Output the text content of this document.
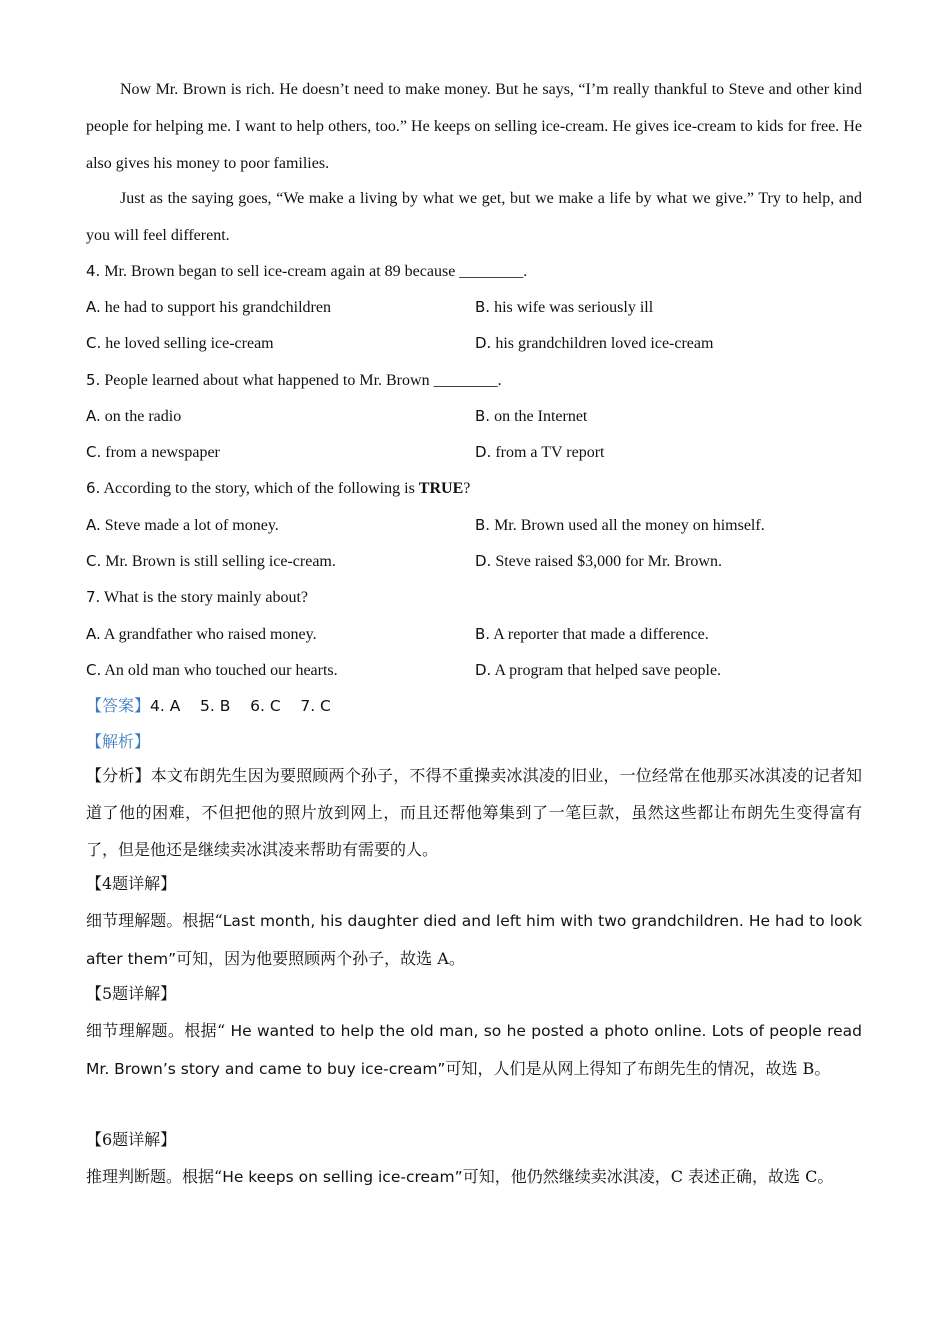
Now Mr. Brown is rich. He doesn’t need to make money. But he says, “I’m really thankful to Steve and other kind people for helping me. I want to help others, too.” He keeps on selling ice-cream. He gives ice-cream to kids for free. He also gives his money to poor families.
Just as the saying goes, “We make a living by what we get, but we make a life by what we give.” Try to help, and you will feel different.
4. Mr. Brown began to sell ice-cream again at 89 because ________.
A. he had to support his grandchildren	B. his wife was seriously ill
C. he loved selling ice-cream	D. his grandchildren loved ice-cream
5. People learned about what happened to Mr. Brown ________.
A. on the radio	B. on the Internet
C. from a newspaper	D. from a TV report
6. According to the story, which of the following is TRUE?
A. Steve made a lot of money.	B. Mr. Brown used all the money on himself.
C. Mr. Brown is still selling ice-cream.	D. Steve raised $3,000 for Mr. Brown.
7. What is the story mainly about?
A. A grandfather who raised money.	B. A reporter that made a difference.
C. An old man who touched our hearts.	D. A program that helped save people.
【答案】4. A    5. B    6. C    7. C
【解析】
【分析】本文布朗先生因为要照顾两个孙子，不得不重操卖冰淇凌的旧业，一位经常在他那买冰淇凌的记者知道了他的困难，不但把他的照片放到网上，而且还帮他筹集到了一笔巨款，虽然这些都让布朗先生变得富有了，但是他还是继续卖冰淇凌来帮助有需要的人。
【4题详解】
细节理解题。根据“Last month, his daughter died and left him with two grandchildren. He had to look after them”可知，因为他要照顾两个孙子，故选 A。
【5题详解】
细节理解题。根据“ He wanted to help the old man, so he posted a photo online. Lots of people read Mr. Brown’s story and came to buy ice-cream”可知，人们是从网上得知了布朗先生的情况，故选 B。
【6题详解】
推理判断题。根据“He keeps on selling ice-cream”可知，他仍然继续卖冰淇凌，C 表述正确，故选 C。
